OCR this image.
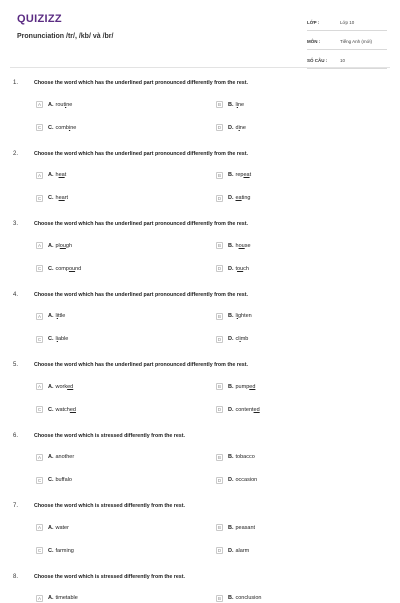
QUIZIZZ
Pronunciation /tr/, /kb/ và /br/
LỚP :	Lớp 10
MÔN :	Tiếng Anh (mới)
SỐ CÂU :	10
1.	Choose the word which has the underlined part pronounced differently from the rest.
A	A. routine	B	B. line
C	C. combine	D	D. dine
2.	Choose the word which has the underlined part pronounced differently from the rest.
A	A. heat	B	B. repeat
C	C. heart	D	D. eating
3.	Choose the word which has the underlined part pronounced differently from the rest.
A	A. plough	B	B. house
C	C. compound	D	D. touch
4.	Choose the word which has the underlined part pronounced differently from the rest.
A	A. little	B	B. lighten
C	C. liable	D	D. climb
5.	Choose the word which has the underlined part pronounced differently from the rest.
A	A. worked	B	B. pumped
C	C. watched	D	D. contented
6.	Choose the word which is stressed differently from the rest.
A	A. another	B	B. tobacco
C	C. buffalo	D	D. occasion
7.	Choose the word which is stressed differently from the rest.
A	A. water	B	B. peasant
C	C. farming	D	D. alarm
8.	Choose the word which is stressed differently from the rest.
A	A. timetable	B	B. conclusion
